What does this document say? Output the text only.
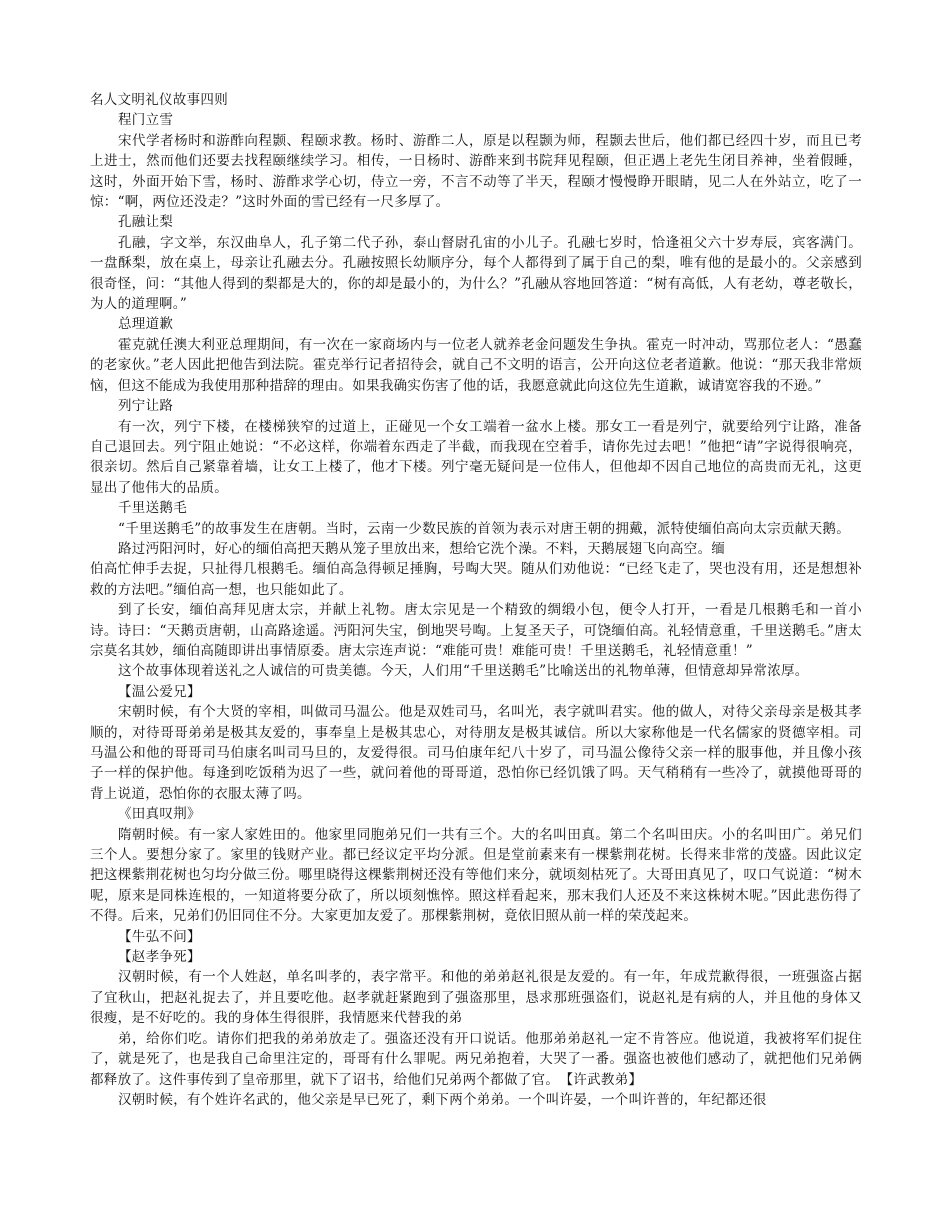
名人文明礼仪故事四则

程门立雪

宋代学者杨时和游酢向程颢、程颐求教。杨时、游酢二人，原是以程颢为师，程颢去世后，他们都已经四十岁，而且已考上进士，然而他们还要去找程颐继续学习。相传，一日杨时、游酢来到书院拜见程颐，但正遇上老先生闭目养神，坐着假睡，这时，外面开始下雪，杨时、游酢求学心切，侍立一旁，不言不动等了半天，程颐才慢慢睁开眼睛，见二人在外站立，吃了一惊：“啊，两位还没走？”这时外面的雪已经有一尺多厚了。

孔融让梨

孔融，字文举，东汉曲阜人，孔子第二代子孙，泰山督尉孔宙的小儿子。孔融七岁时，恰逢祖父六十岁寿辰，宾客满门。一盘酥梨，放在桌上，母亲让孔融去分。孔融按照长幼顺序分，每个人都得到了属于自己的梨，唯有他的是最小的。父亲感到很奇怪，问：“其他人得到的梨都是大的，你的却是最小的，为什么？”孔融从容地回答道：“树有高低，人有老幼，尊老敬长，为人的道理啊。”

总理道歉

霍克就任澳大利亚总理期间，有一次在一家商场内与一位老人就养老金问题发生争执。霍克一时冲动，骂那位老人：“愚蠢的老家伙。”老人因此把他告到法院。霍克举行记者招待会，就自己不文明的语言，公开向这位老者道歉。他说：“那天我非常烦恼，但这不能成为我使用那种措辞的理由。如果我确实伤害了他的话，我愿意就此向这位先生道歉，诚请宽容我的不逊。”

列宁让路

有一次，列宁下楼，在楼梯狭窄的过道上，正碰见一个女工端着一盆水上楼。那女工一看是列宁，就要给列宁让路，准备自己退回去。列宁阻止她说：“不必这样，你端着东西走了半截，而我现在空着手，请你先过去吧！”他把“请”字说得很响亮，很亲切。然后自己紧靠着墙，让女工上楼了，他才下楼。列宁毫无疑问是一位伟人，但他却不因自己地位的高贵而无礼，这更显出了他伟大的品质。

千里送鹅毛

“千里送鹅毛”的故事发生在唐朝。当时，云南一少数民族的首领为表示对唐王朝的拥戴，派特使缅伯高向太宗贡献天鹅。

路过沔阳河时，好心的缅伯高把天鹅从笼子里放出来，想给它洗个澡。不料，天鹅展翅飞向高空。缅

伯高忙伸手去捉，只扯得几根鹅毛。缅伯高急得顿足捶胸，号啕大哭。随从们劝他说：“已经飞走了，哭也没有用，还是想想补救的方法吧。”缅伯高一想，也只能如此了。

到了长安，缅伯高拜见唐太宗，并献上礼物。唐太宗见是一个精致的绸缎小包，便令人打开，一看是几根鹅毛和一首小诗。诗曰：“天鹅贡唐朝，山高路途遥。沔阳河失宝，倒地哭号啕。上复圣天子，可饶缅伯高。礼轻情意重，千里送鹅毛。”唐太宗莫名其妙，缅伯高随即讲出事情原委。唐太宗连声说：“难能可贵！难能可贵！千里送鹅毛，礼轻情意重！”

这个故事体现着送礼之人诚信的可贵美德。今天，人们用“千里送鹅毛”比喻送出的礼物单薄，但情意却异常浓厚。

【温公爱兄】

宋朝时候，有个大贤的宰相，叫做司马温公。他是双姓司马，名叫光，表字就叫君实。他的做人，对待父亲母亲是极其孝顺的，对待哥哥弟弟是极其友爱的，事奉皇上是极其忠心，对待朋友是极其诚信。所以大家称他是一代名儒家的贤德宰相。司马温公和他的哥哥司马伯康名叫司马旦的，友爱得很。司马伯康年纪八十岁了，司马温公像待父亲一样的服事他，并且像小孩子一样的保护他。每逢到吃饭稍为迟了一些，就问着他的哥哥道，恐怕你已经饥饿了吗。天气稍稍有一些冷了，就摸他哥哥的背上说道，恐怕你的衣服太薄了吗。

《田真叹荆》

隋朝时候。有一家人家姓田的。他家里同胞弟兄们一共有三个。大的名叫田真。第二个名叫田庆。小的名叫田广。弟兄们三个人。要想分家了。家里的钱财产业。都已经议定平均分派。但是堂前素来有一棵紫荆花树。长得来非常的茂盛。因此议定把这棵紫荆花树也匀均分做三份。哪里晓得这棵紫荆树还没有等他们来分，就顷刻枯死了。大哥田真见了，叹口气说道：“树木呢，原来是同株连根的，一知道将要分砍了，所以顷刻憔悴。照这样看起来，那末我们人还及不来这株树木呢。”因此悲伤得了不得。后来，兄弟们仍旧同住不分。大家更加友爱了。那棵紫荆树，竟依旧照从前一样的荣茂起来。

【牛弘不问】

【赵孝争死】

汉朝时候，有一个人姓赵，单名叫孝的，表字常平。和他的弟弟赵礼很是友爱的。有一年，年成荒歉得很，一班强盗占据了宜秋山，把赵礼捉去了，并且要吃他。赵孝就赶紧跑到了强盗那里，恳求那班强盗们，说赵礼是有病的人，并且他的身体又很瘦，是不好吃的。我的身体生得很胖，我情愿来代替我的弟

弟，给你们吃。请你们把我的弟弟放走了。强盗还没有开口说话。他那弟弟赵礼一定不肯答应。他说道，我被将军们捉住了，就是死了，也是我自己命里注定的，哥哥有什么罪呢。两兄弟抱着，大哭了一番。强盗也被他们感动了，就把他们兄弟俩都释放了。这件事传到了皇帝那里，就下了诏书，给他们兄弟两个都做了官。　【许武教弟】

汉朝时候，有个姓许名武的，他父亲是早已死了，剩下两个弟弟。一个叫许晏，一个叫许普的，年纪都还很
